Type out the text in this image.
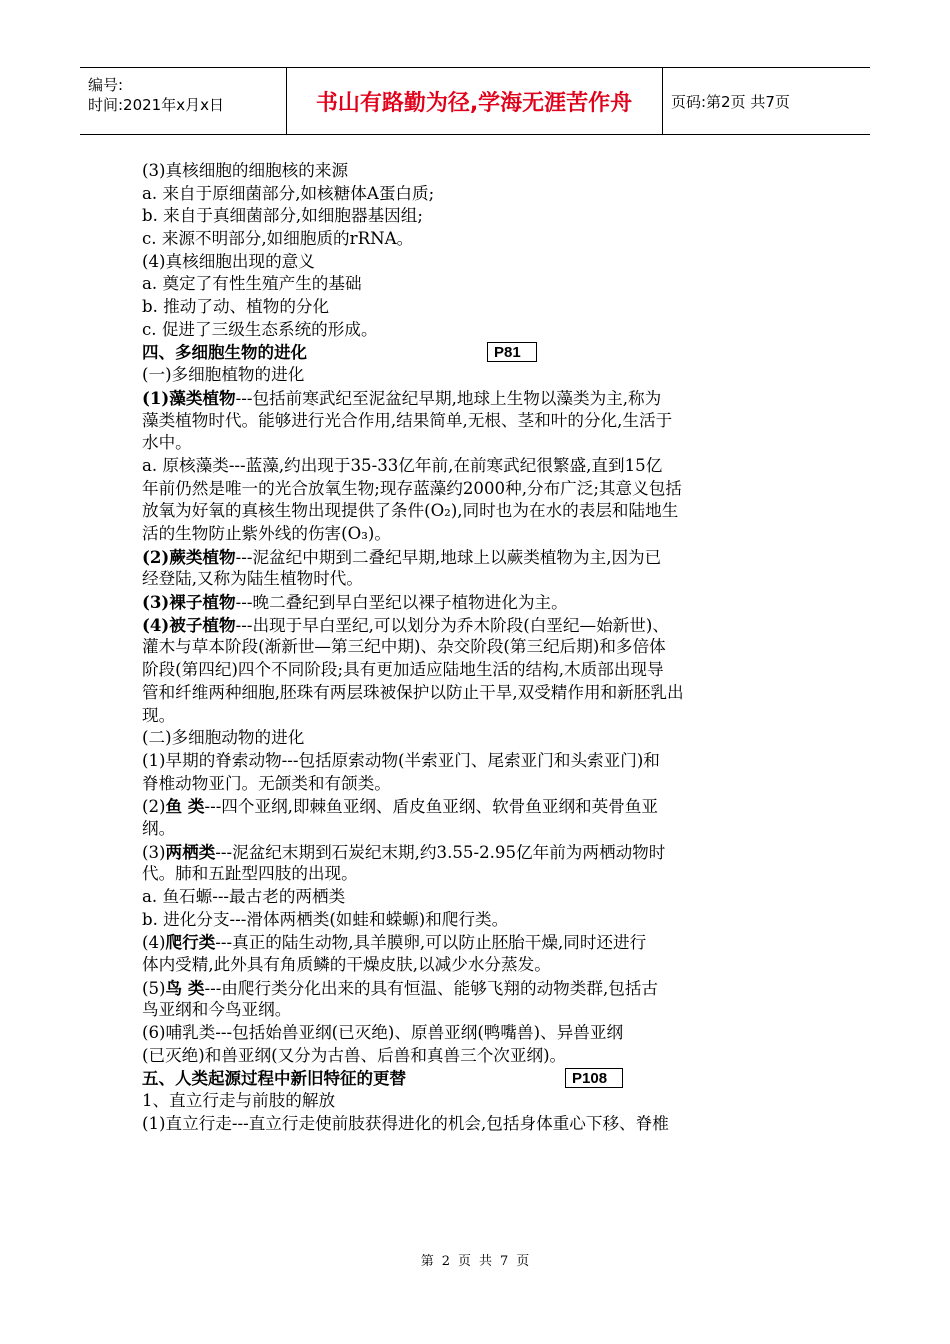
编号:
时间:2021年x月x日	书山有路勤为径,学海无涯苦作舟	页码:第2页 共7页
(3)真核细胞的细胞核的来源
a. 来自于原细菌部分,如核糖体A蛋白质;
b. 来自于真细菌部分,如细胞器基因组;
c. 来源不明部分,如细胞质的rRNA。
(4)真核细胞出现的意义
a. 奠定了有性生殖产生的基础
b. 推动了动、植物的分化
c. 促进了三级生态系统的形成。
四、多细胞生物的进化	P81
(一)多细胞植物的进化
(1)藻类植物---包括前寒武纪至泥盆纪早期,地球上生物以藻类为主,称为
藻类植物时代。能够进行光合作用,结果简单,无根、茎和叶的分化,生活于
水中。
a. 原核藻类---蓝藻,约出现于35-33亿年前,在前寒武纪很繁盛,直到15亿
年前仍然是唯一的光合放氧生物;现存蓝藻约2000种,分布广泛;其意义包括
放氧为好氧的真核生物出现提供了条件(O₂),同时也为在水的表层和陆地生
活的生物防止紫外线的伤害(O₃)。
(2)蕨类植物---泥盆纪中期到二叠纪早期,地球上以蕨类植物为主,因为已
经登陆,又称为陆生植物时代。
(3)裸子植物---晚二叠纪到早白垩纪以裸子植物进化为主。
(4)被子植物---出现于早白垩纪,可以划分为乔木阶段(白垩纪—始新世)、
灌木与草本阶段(渐新世—第三纪中期)、杂交阶段(第三纪后期)和多倍体
阶段(第四纪)四个不同阶段;具有更加适应陆地生活的结构,木质部出现导
管和纤维两种细胞,胚珠有两层珠被保护以防止干旱,双受精作用和新胚乳出
现。
(二)多细胞动物的进化
(1)早期的脊索动物---包括原索动物(半索亚门、尾索亚门和头索亚门)和
脊椎动物亚门。无颌类和有颌类。
(2)鱼 类---四个亚纲,即棘鱼亚纲、盾皮鱼亚纲、软骨鱼亚纲和英骨鱼亚
纲。
(3)两栖类---泥盆纪末期到石炭纪末期,约3.55-2.95亿年前为两栖动物时
代。肺和五趾型四肢的出现。
a. 鱼石螈---最古老的两栖类
b. 进化分支---滑体两栖类(如蛙和蝾螈)和爬行类。
(4)爬行类---真正的陆生动物,具羊膜卵,可以防止胚胎干燥,同时还进行
体内受精,此外具有角质鳞的干燥皮肤,以减少水分蒸发。
(5)鸟 类---由爬行类分化出来的具有恒温、能够飞翔的动物类群,包括古
鸟亚纲和今鸟亚纲。
(6)哺乳类---包括始兽亚纲(已灭绝)、原兽亚纲(鸭嘴兽)、异兽亚纲
(已灭绝)和兽亚纲(又分为古兽、后兽和真兽三个次亚纲)。
五、人类起源过程中新旧特征的更替	P108
1、直立行走与前肢的解放
(1)直立行走---直立行走使前肢获得进化的机会,包括身体重心下移、脊椎
第 2 页 共 7 页
